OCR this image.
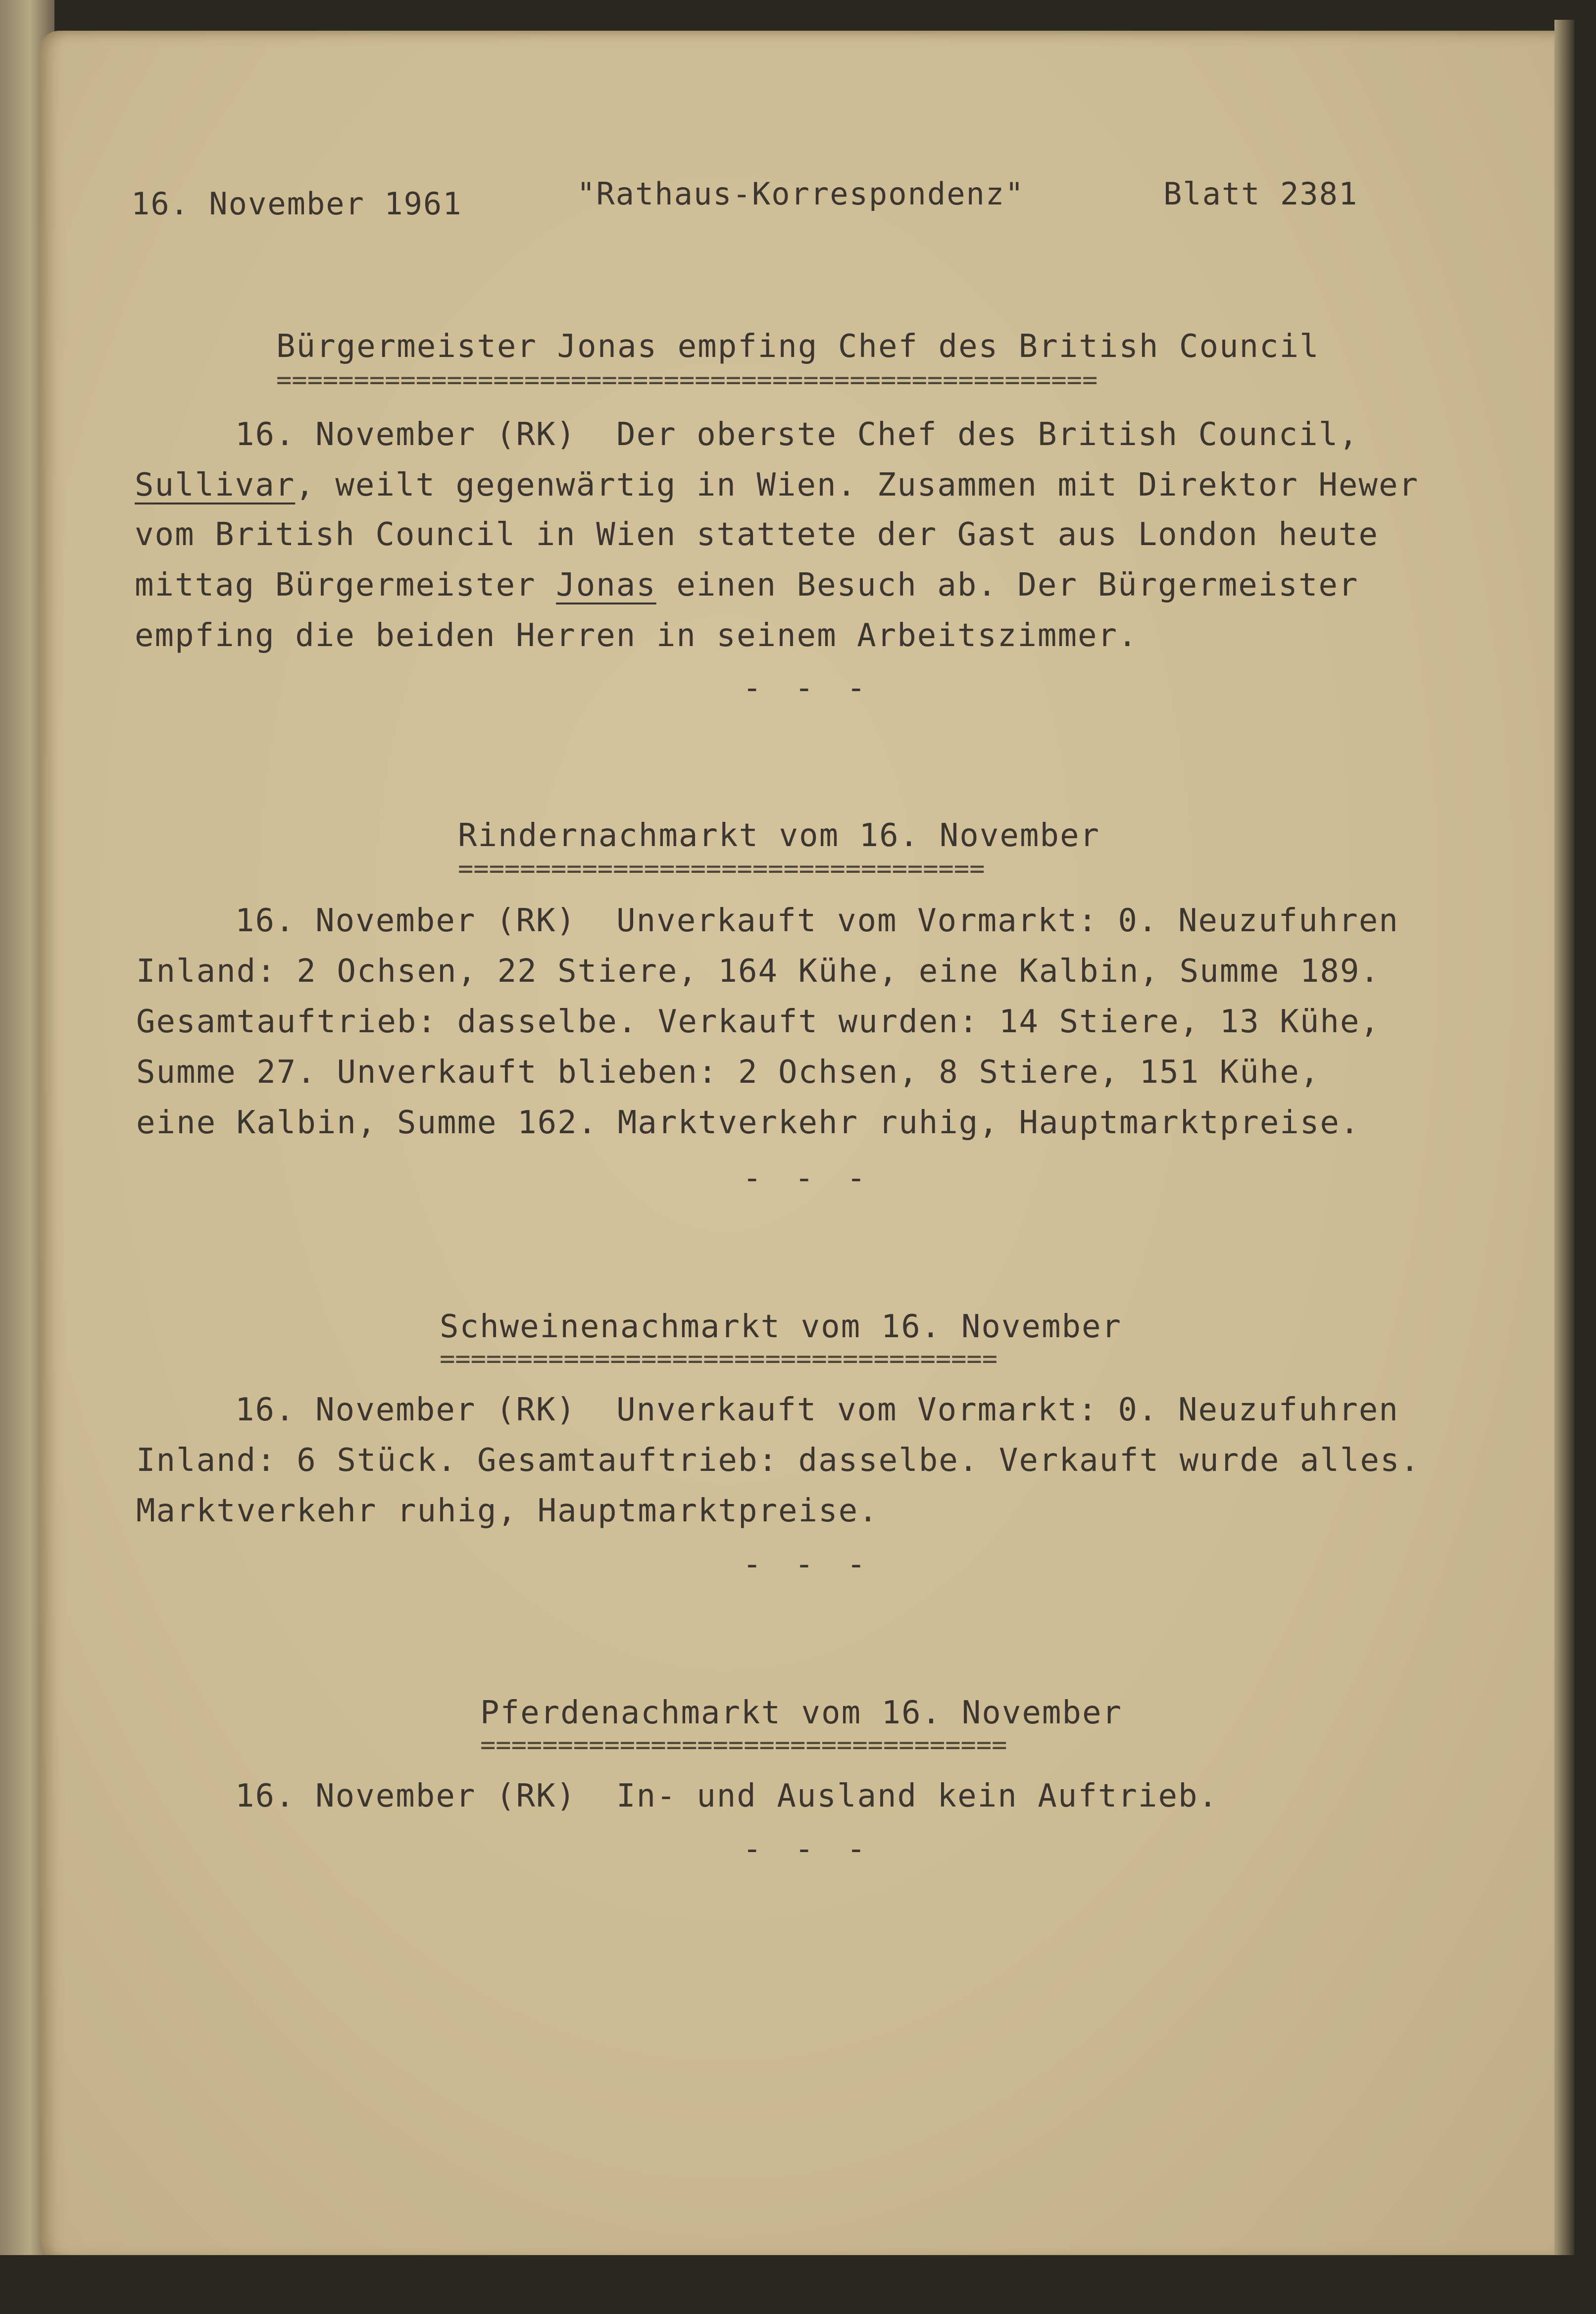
16. November 1961	"Rathaus-Korrespondenz"	Blatt 2381
Bürgermeister Jonas empfing Chef des British Council
=====================================================
16. November (RK)  Der oberste Chef des British Council,
Sullivar, weilt gegenwärtig in Wien. Zusammen mit Direktor Hewer
vom British Council in Wien stattete der Gast aus London heute
mittag Bürgermeister Jonas einen Besuch ab. Der Bürgermeister
empfing die beiden Herren in seinem Arbeitszimmer.
- - -
Rindernachmarkt vom 16. November
==================================
16. November (RK)  Unverkauft vom Vormarkt: 0. Neuzufuhren
Inland: 2 Ochsen, 22 Stiere, 164 Kühe, eine Kalbin, Summe 189.
Gesamtauftrieb: dasselbe. Verkauft wurden: 14 Stiere, 13 Kühe,
Summe 27. Unverkauft blieben: 2 Ochsen, 8 Stiere, 151 Kühe,
eine Kalbin, Summe 162. Marktverkehr ruhig, Hauptmarktpreise.
- - -
Schweinenachmarkt vom 16. November
====================================
16. November (RK)  Unverkauft vom Vormarkt: 0. Neuzufuhren
Inland: 6 Stück. Gesamtauftrieb: dasselbe. Verkauft wurde alles.
Marktverkehr ruhig, Hauptmarktpreise.
- - -
Pferdenachmarkt vom 16. November
==================================
16. November (RK)  In- und Ausland kein Auftrieb.
- - -
